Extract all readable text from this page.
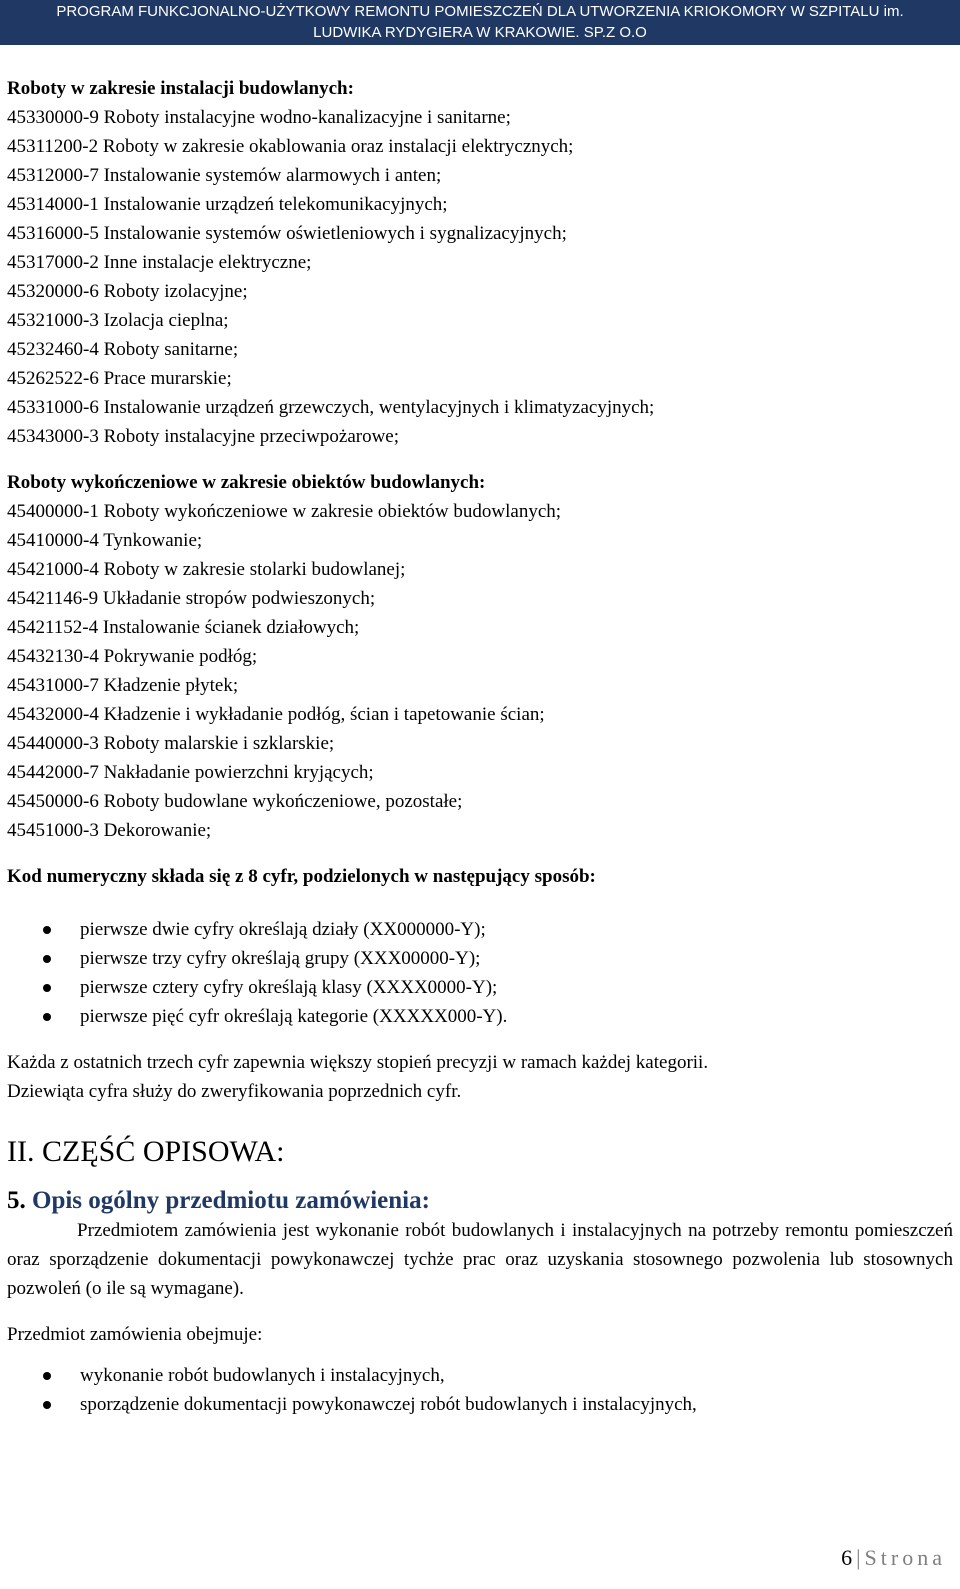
PROGRAM FUNKCJONALNO-UŻYTKOWY REMONTU POMIESZCZEŃ DLA UTWORZENIA KRIOKOMORY W SZPITALU im.
LUDWIKA RYDYGIERA W KRAKOWIE. SP.Z O.O
Roboty w zakresie instalacji budowlanych:
45330000-9 Roboty instalacyjne wodno-kanalizacyjne i sanitarne;
45311200-2 Roboty w zakresie okablowania oraz instalacji elektrycznych;
45312000-7 Instalowanie systemów alarmowych i anten;
45314000-1 Instalowanie urządzeń telekomunikacyjnych;
45316000-5 Instalowanie systemów oświetleniowych i sygnalizacyjnych;
45317000-2 Inne instalacje elektryczne;
45320000-6 Roboty izolacyjne;
45321000-3 Izolacja cieplna;
45232460-4 Roboty sanitarne;
45262522-6 Prace murarskie;
45331000-6 Instalowanie urządzeń grzewczych, wentylacyjnych i klimatyzacyjnych;
45343000-3 Roboty instalacyjne przeciwpożarowe;
Roboty wykończeniowe w zakresie obiektów budowlanych:
45400000-1 Roboty wykończeniowe w zakresie obiektów budowlanych;
45410000-4 Tynkowanie;
45421000-4 Roboty w zakresie stolarki budowlanej;
45421146-9 Układanie stropów podwieszonych;
45421152-4 Instalowanie ścianek działowych;
45432130-4 Pokrywanie podłóg;
45431000-7 Kładzenie płytek;
45432000-4 Kładzenie i wykładanie podłóg, ścian i tapetowanie ścian;
45440000-3 Roboty malarskie i szklarskie;
45442000-7 Nakładanie powierzchni kryjących;
45450000-6 Roboty budowlane wykończeniowe, pozostałe;
45451000-3 Dekorowanie;
Kod numeryczny składa się z 8 cyfr, podzielonych w następujący sposób:
pierwsze dwie cyfry określają działy (XX000000-Y);
pierwsze trzy cyfry określają grupy (XXX00000-Y);
pierwsze cztery cyfry określają klasy (XXXX0000-Y);
pierwsze pięć cyfr określają kategorie (XXXXX000-Y).
Każda z ostatnich trzech cyfr zapewnia większy stopień precyzji w ramach każdej kategorii.
Dziewiąta cyfra służy do zweryfikowania poprzednich cyfr.
II. CZĘŚĆ OPISOWA:
5. Opis ogólny przedmiotu zamówienia:

Przedmiotem zamówienia jest wykonanie robót budowlanych i instalacyjnych na potrzeby remontu pomieszczeń oraz sporządzenie dokumentacji powykonawczej tychże prac oraz uzyskania stosownego pozwolenia lub stosownych pozwoleń (o ile są wymagane).

Przedmiot zamówienia obejmuje:
wykonanie robót budowlanych i instalacyjnych,
sporządzenie dokumentacji powykonawczej robót budowlanych i instalacyjnych,
6 | Strona
